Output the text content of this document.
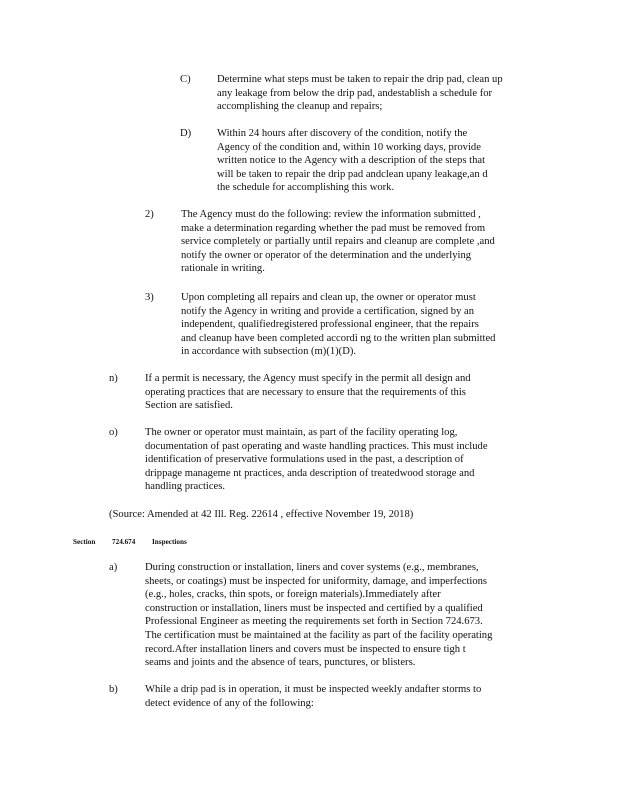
C) Determine what steps must be taken to repair the drip pad, clean up
any leakage from below the drip pad, andestablish a schedule for
accomplishing the cleanup and repairs;
D) Within 24 hours after discovery of the condition, notify the
Agency of the condition and, within 10 working days, provide
written notice to the Agency with a description of the steps that
will be taken to repair the drip pad andclean upany leakage,an d
the schedule for accomplishing this work.
2)	The Agency must do the following: review the information submitted ,
make a determination regarding whether the pad must be removed from
service completely or partially until repairs and cleanup are complete ,and
notify the owner or operator of the determination and the underlying
rationale in writing.
3)	Upon completing all repairs and clean up, the owner or operator must
notify the Agency in writing and provide a certification, signed by an
independent, qualifiedregistered professional engineer, that the repairs
and cleanup have been completed accordi ng to the written plan submitted
in accordance with subsection (m)(1)(D).
n)	If a permit is necessary, the Agency must specify in the permit all design and
operating practices that are necessary to ensure that the requirements of this
Section are satisfied.
o)	The owner or operator must maintain, as part of the facility operating log,
documentation of past operating and waste handling practices. This must include
identification of preservative formulations used in the past, a description of
drippage manageme nt practices, anda description of treatedwood storage and
handling practices.
(Source: Amended at 42 Ill. Reg. 22614 , effective November 19, 2018)
Section 724.674 Inspections
a)	During construction or installation, liners and cover systems (e.g., membranes,
sheets, or coatings) must be inspected for uniformity, damage, and imperfections
(e.g., holes, cracks, thin spots, or foreign materials).Immediately after
construction or installation, liners must be inspected and certified by a qualified
Professional Engineer as meeting the requirements set forth in Section 724.673.
The certification must be maintained at the facility as part of the facility operating
record.After installation liners and covers must be inspected to ensure tigh t
seams and joints and the absence of tears, punctures, or blisters.
b)	While a drip pad is in operation, it must be inspected weekly andafter storms to
detect evidence of any of the following:
